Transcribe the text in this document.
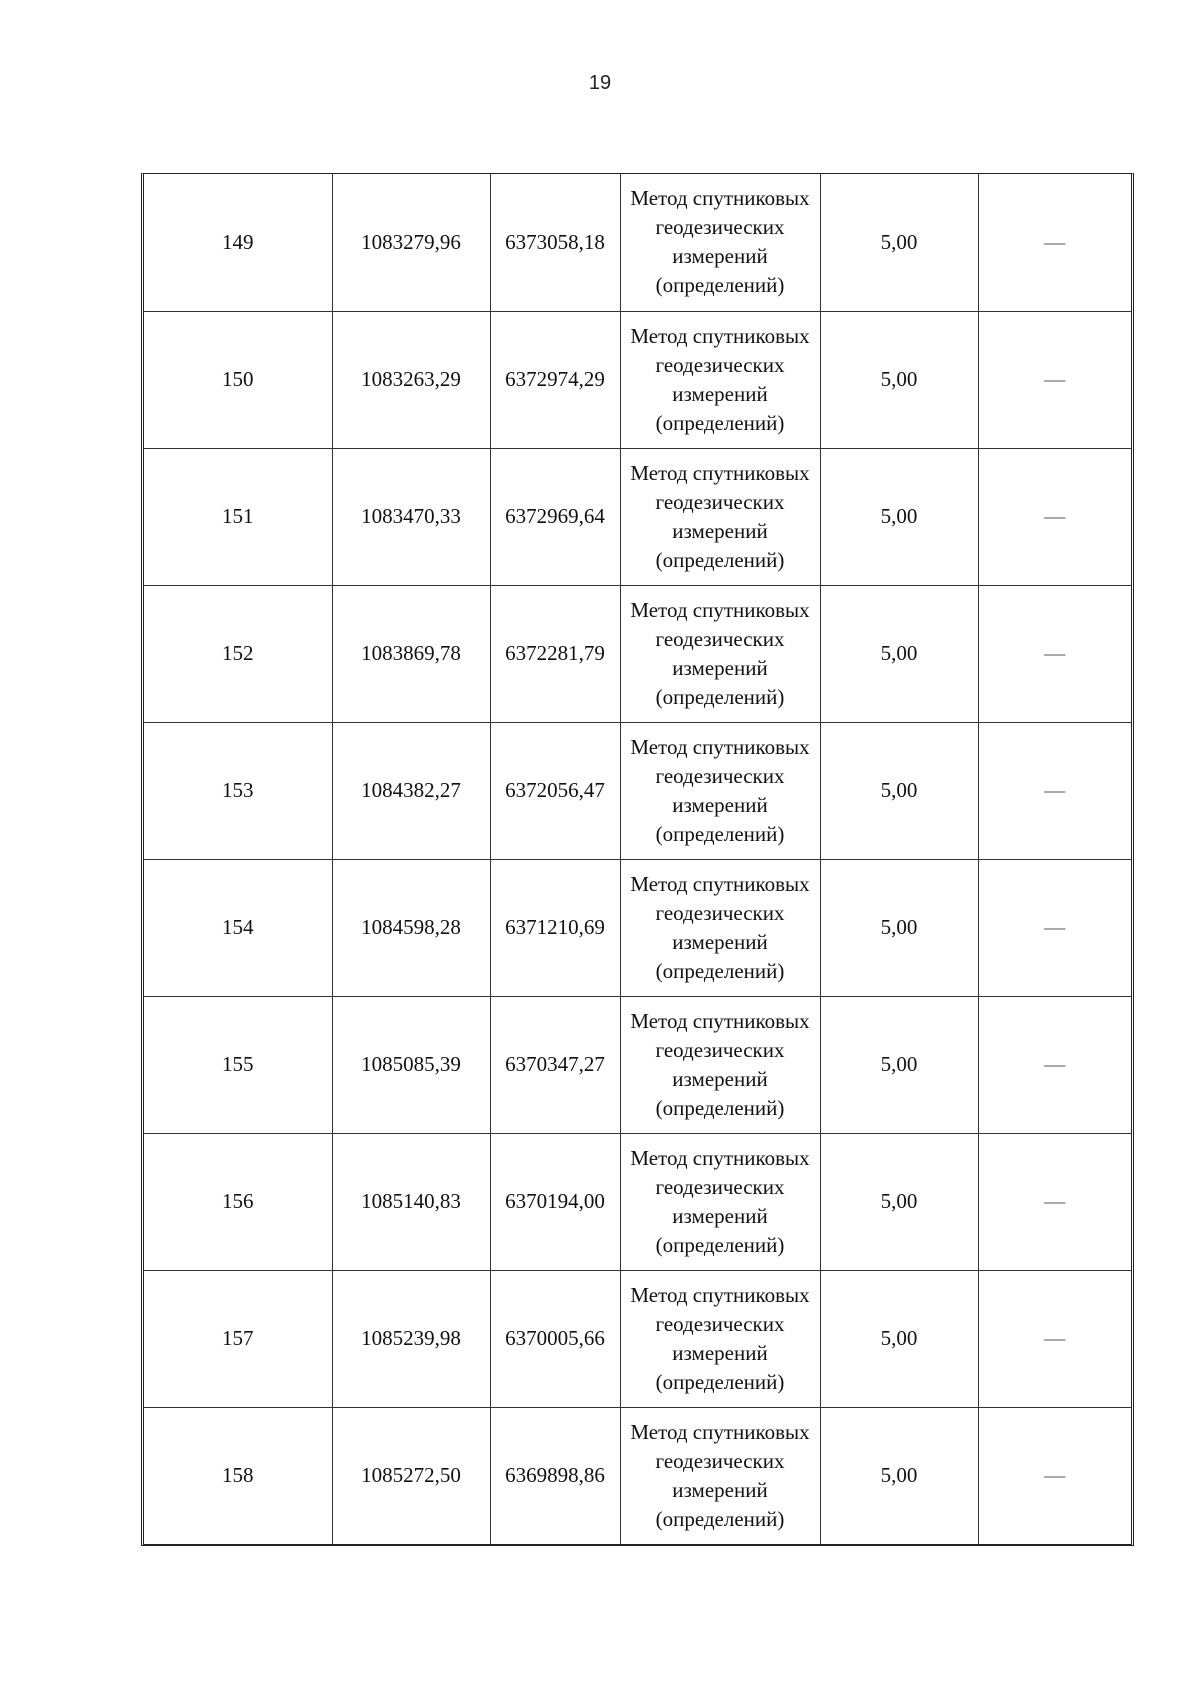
19
149	1083279,96	6373058,18	Метод спутниковых
геодезических
измерений
(определений)	5,00	—
150	1083263,29	6372974,29	Метод спутниковых
геодезических
измерений
(определений)	5,00	—
151	1083470,33	6372969,64	Метод спутниковых
геодезических
измерений
(определений)	5,00	—
152	1083869,78	6372281,79	Метод спутниковых
геодезических
измерений
(определений)	5,00	—
153	1084382,27	6372056,47	Метод спутниковых
геодезических
измерений
(определений)	5,00	—
154	1084598,28	6371210,69	Метод спутниковых
геодезических
измерений
(определений)	5,00	—
155	1085085,39	6370347,27	Метод спутниковых
геодезических
измерений
(определений)	5,00	—
156	1085140,83	6370194,00	Метод спутниковых
геодезических
измерений
(определений)	5,00	—
157	1085239,98	6370005,66	Метод спутниковых
геодезических
измерений
(определений)	5,00	—
158	1085272,50	6369898,86	Метод спутниковых
геодезических
измерений
(определений)	5,00	—
